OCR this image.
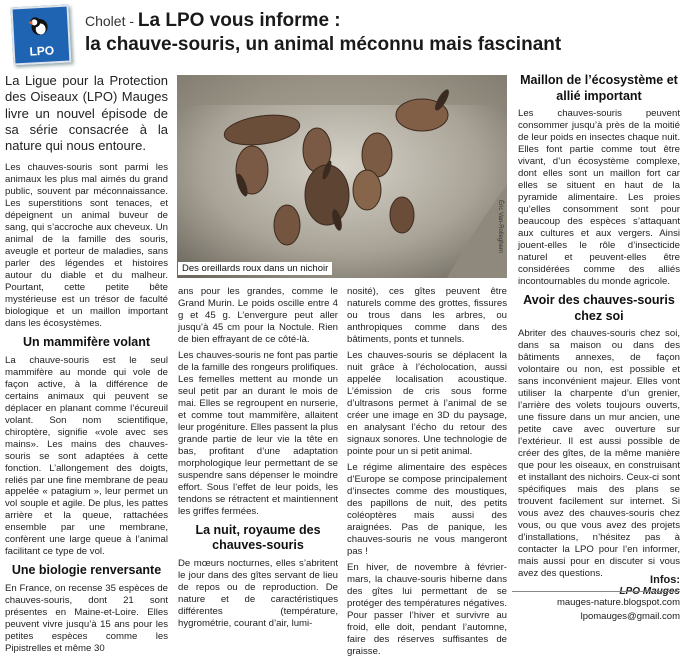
LPO
Cholet - La LPO vous informe :
la chauve-souris, un animal méconnu mais fascinant
La Ligue pour la Protection des Oiseaux (LPO) Mauges livre un nouvel épisode de sa série consacrée à la nature qui nous entoure.

Les chauves-souris sont parmi les animaux les plus mal aimés du grand public, souvent par méconnaissance. Les superstitions sont tenaces, et dépeignent un animal buveur de sang, qui s’accroche aux cheveux. Un animal de la famille des souris, aveugle et porteur de maladies, sans parler des légendes et histoires autour du diable et du malheur. Pourtant, cette petite bête mystérieuse est un trésor de faculté biologique et un maillon important dans les écosystèmes.

Un mammifère volant

La chauve-souris est le seul mammifère au monde qui vole de façon active, à la différence de certains animaux qui peuvent se déplacer en planant comme l’écureuil volant. Son nom scientifique, chiroptère, signifie «vole avec ses mains». Les mains des chauves-souris se sont adaptées à cette fonction. L’allongement des doigts, reliés par une fine membrane de peau appelée « patagium », leur permet un vol souple et agile. De plus, les pattes arrière et la queue, rattachées ensemble par une membrane, confèrent une large queue à l’animal facilitant ce type de vol.

Une biologie renversante

En France, on recense 35 espèces de chauves-souris, dont 21 sont présentes en Maine-et-Loire. Elles peuvent vivre jusqu’à 15 ans pour les petites espèces comme les Pipistrelles et même 30

Des oreillards roux dans un nichoir
Éric Van-Rolleghem

ans pour les grandes, comme le Grand Murin. Le poids oscille entre 4 g et 45 g. L’envergure peut aller jusqu’à 45 cm pour la Noctule. Rien de bien effrayant de ce côté-là.

Les chauves-souris ne font pas partie de la famille des rongeurs prolifiques. Les femelles mettent au monde un seul petit par an durant le mois de mai. Elles se regroupent en nurserie, et comme tout mammifère, allaitent leur progéniture. Elles passent la plus grande partie de leur vie la tête en bas, profitant d’une adaptation morphologique leur permettant de se suspendre sans dépenser le moindre effort. Sous l’effet de leur poids, les tendons se rétractent et maintiennent les griffes fermées.

La nuit, royaume des chauves-souris

De mœurs nocturnes, elles s’abritent le jour dans des gîtes servant de lieu de repos ou de reproduction. De nature et de caractéristiques différentes (température, hygrométrie, courant d’air, lumi-

nosité), ces gîtes peuvent être naturels comme des grottes, fissures ou trous dans les arbres, ou anthropiques comme dans des bâtiments, ponts et tunnels.

Les chauves-souris se déplacent la nuit grâce à l’écholocation, aussi appelée localisation acoustique. L’émission de cris sous forme d’ultrasons permet à l’animal de se créer une image en 3D du paysage, en analysant l’écho du retour des signaux sonores. Une technologie de pointe pour un si petit animal.

Le régime alimentaire des espèces d’Europe se compose principalement d’insectes comme des moustiques, des papillons de nuit, des petits coléoptères mais aussi des araignées. Pas de panique, les chauves-souris ne vous mangeront pas !

En hiver, de novembre à février-mars, la chauve-souris hiberne dans des gîtes lui permettant de se protéger des températures négatives. Pour passer l’hiver et survivre au froid, elle doit, pendant l’automne, faire des réserves suffisantes de graisse.

Maillon de l’écosystème et allié important

Les chauves-souris peuvent consommer jusqu’à près de la moitié de leur poids en insectes chaque nuit. Elles font partie comme tout être vivant, d’un écosystème complexe, dont elles sont un maillon fort car elles se situent en haut de la pyramide alimentaire. Les proies qu’elles consomment sont pour beaucoup des espèces s’attaquant aux cultures et aux vergers. Ainsi jouent-elles le rôle d’insecticide naturel et peuvent-elles être considérées comme des alliés incontournables du monde agricole.

Avoir des chauves-souris chez soi

Abriter des chauves-souris chez soi, dans sa maison ou dans des bâtiments annexes, de façon volontaire ou non, est possible et sans inconvénient majeur. Elles vont utiliser la charpente d’un grenier, l’arrière des volets toujours ouverts, une fissure dans un mur ancien, une petite cave avec ouverture sur l’extérieur. Il est aussi possible de créer des gîtes, de la même manière que pour les oiseaux, en construisant et installant des nichoirs. Ceux-ci sont spécifiques mais des plans se trouvent facilement sur internet. Si vous avez des chauves-souris chez vous, ou que vous avez des projets d’installations, n’hésitez pas à contacter la LPO pour l’en informer, mais aussi pour en discuter si vous avez des questions.

LPO Mauges
Infos:
mauges-nature.blogspot.com
lpomauges@gmail.com
